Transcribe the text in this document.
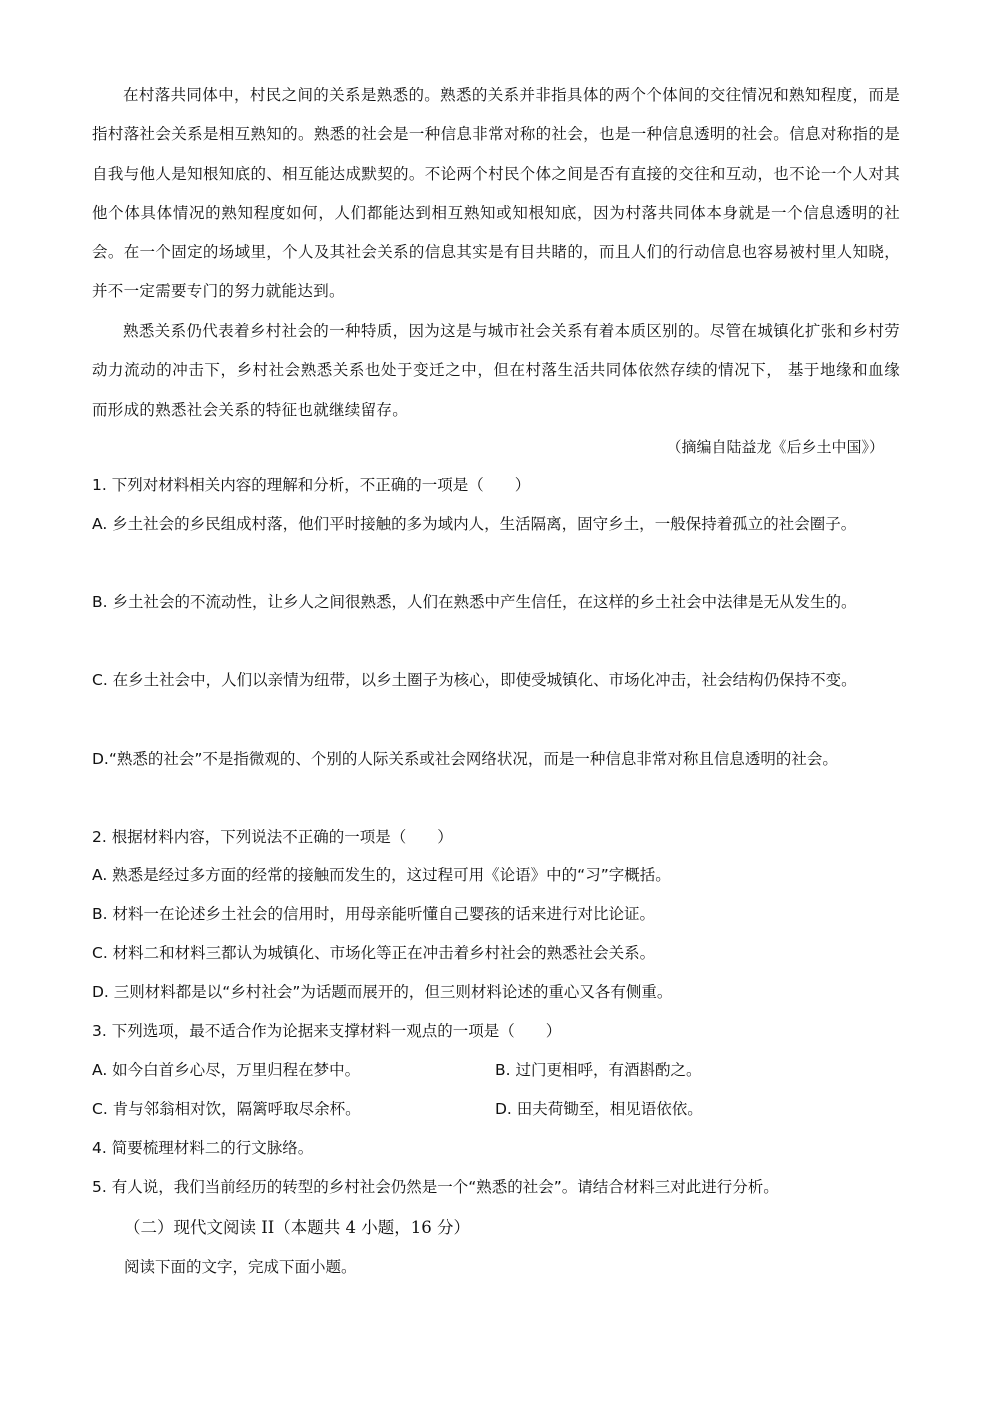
在村落共同体中，村民之间的关系是熟悉的。熟悉的关系并非指具体的两个个体间的交往情况和熟知程度，而是指村落社会关系是相互熟知的。熟悉的社会是一种信息非常对称的社会，也是一种信息透明的社会。信息对称指的是自我与他人是知根知底的、相互能达成默契的。不论两个村民个体之间是否有直接的交往和互动，也不论一个人对其他个体具体情况的熟知程度如何，人们都能达到相互熟知或知根知底，因为村落共同体本身就是一个信息透明的社会。在一个固定的场域里，个人及其社会关系的信息其实是有目共睹的，而且人们的行动信息也容易被村里人知晓，并不一定需要专门的努力就能达到。

熟悉关系仍代表着乡村社会的一种特质，因为这是与城市社会关系有着本质区别的。尽管在城镇化扩张和乡村劳动力流动的冲击下，乡村社会熟悉关系也处于变迁之中，但在村落生活共同体依然存续的情况下， 基于地缘和血缘而形成的熟悉社会关系的特征也就继续留存。

（摘编自陆益龙《后乡土中国》）

1. 下列对材料相关内容的理解和分析，不正确的一项是（　　）

A. 乡土社会的乡民组成村落，他们平时接触的多为域内人，生活隔离，固守乡土，一般保持着孤立的社会圈子。

B. 乡土社会的不流动性，让乡人之间很熟悉，人们在熟悉中产生信任，在这样的乡土社会中法律是无从发生的。

C. 在乡土社会中，人们以亲情为纽带，以乡土圈子为核心，即使受城镇化、市场化冲击，社会结构仍保持不变。

D.“熟悉的社会”不是指微观的、个别的人际关系或社会网络状况，而是一种信息非常对称且信息透明的社会。

2. 根据材料内容，下列说法不正确的一项是（　　）

A. 熟悉是经过多方面的经常的接触而发生的，这过程可用《论语》中的“习”字概括。

B. 材料一在论述乡土社会的信用时，用母亲能听懂自己婴孩的话来进行对比论证。

C. 材料二和材料三都认为城镇化、市场化等正在冲击着乡村社会的熟悉社会关系。

D. 三则材料都是以“乡村社会”为话题而展开的，但三则材料论述的重心又各有侧重。

3. 下列选项，最不适合作为论据来支撑材料一观点的一项是（　　）

A. 如今白首乡心尽，万里归程在梦中。	B. 过门更相呼，有酒斟酌之。
C. 肯与邻翁相对饮，隔篱呼取尽余杯。	D. 田夫荷锄至，相见语依依。

4. 简要梳理材料二的行文脉络。

5. 有人说，我们当前经历的转型的乡村社会仍然是一个“熟悉的社会”。请结合材料三对此进行分析。

（二）现代文阅读 II（本题共 4 小题，16 分）

阅读下面的文字，完成下面小题。
